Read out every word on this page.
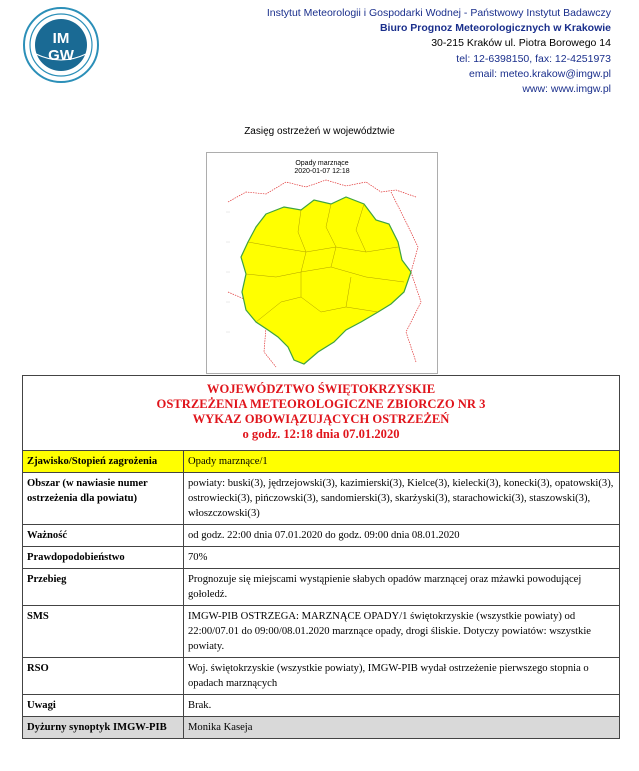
IM
GW
Instytut Meteorologii i Gospodarki Wodnej - Państwowy Instytut Badawczy
Biuro Prognoz Meteorologicznych w Krakowie
30-215 Kraków ul. Piotra Borowego 14
tel: 12-6398150, fax: 12-4251973
email: meteo.krakow@imgw.pl
www: www.imgw.pl
Zasięg ostrzeżeń w województwie
Opady marznące
2020-01-07 12:18
WOJEWÓDZTWO ŚWIĘTOKRZYSKIE
OSTRZEŻENIA METEOROLOGICZNE ZBIORCZO NR 3
WYKAZ OBOWIĄZUJĄCYCH OSTRZEŻEŃ
o godz. 12:18 dnia 07.01.2020	

Zjawisko/Stopień zagrożenia	Opady marznące/1
Obszar (w nawiasie numer ostrzeżenia dla powiatu)	powiaty: buski(3), jędrzejowski(3), kazimierski(3), Kielce(3), kielecki(3), konecki(3), opatowski(3), ostrowiecki(3), pińczowski(3), sandomierski(3), skarżyski(3), starachowicki(3), staszowski(3), włoszczowski(3)
Ważność	od godz. 22:00 dnia 07.01.2020 do godz. 09:00 dnia 08.01.2020
Prawdopodobieństwo	70%
Przebieg	Prognozuje się miejscami wystąpienie słabych opadów marznącej oraz mżawki powodującej gołoledź.
SMS	IMGW-PIB OSTRZEGA: MARZNĄCE OPADY/1 świętokrzyskie (wszystkie powiaty) od 22:00/07.01 do 09:00/08.01.2020 marznące opady, drogi śliskie. Dotyczy powiatów: wszystkie powiaty.
RSO	Woj. świętokrzyskie (wszystkie powiaty), IMGW-PIB wydał ostrzeżenie pierwszego stopnia o opadach marznących
Uwagi	Brak.
Dyżurny synoptyk IMGW-PIB	Monika Kaseja
